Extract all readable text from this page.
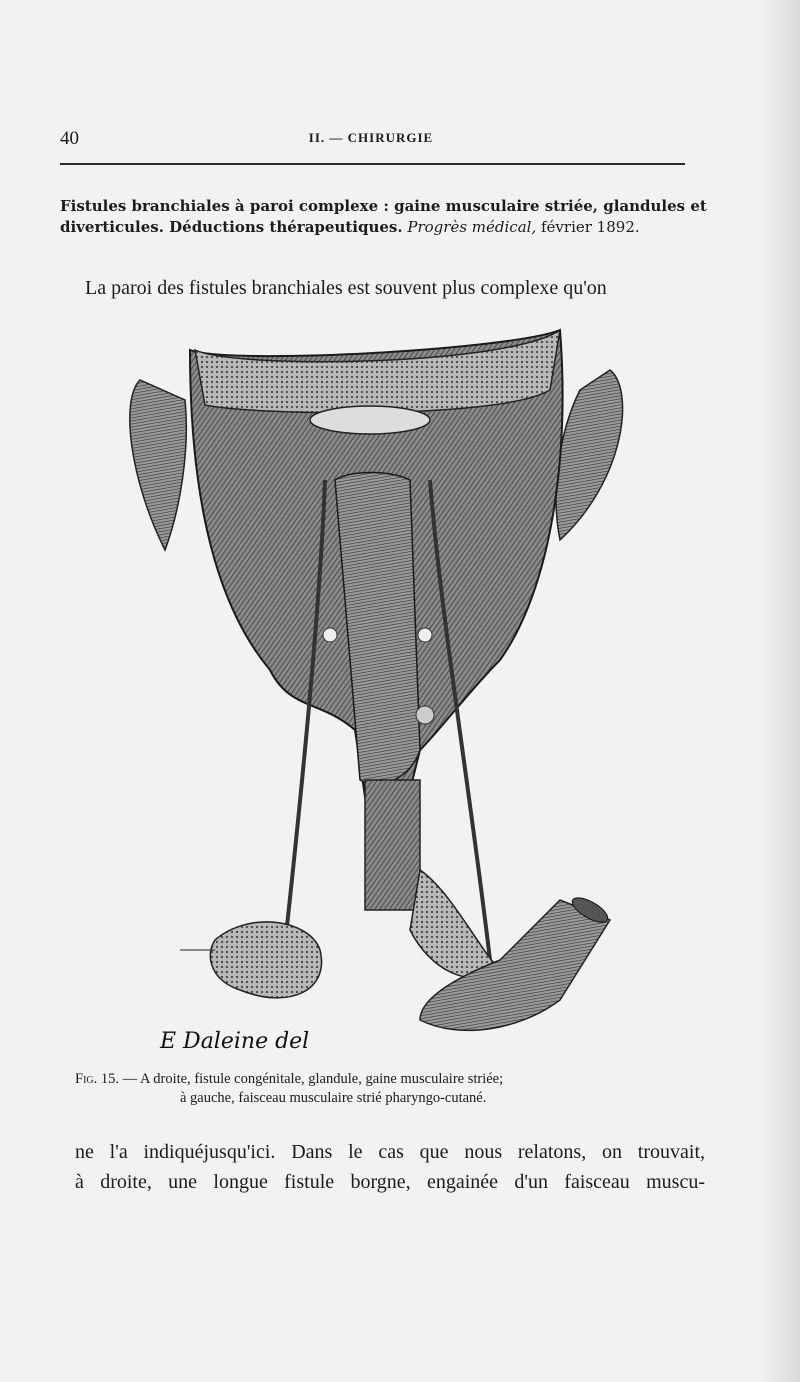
40	II. — CHIRURGIE
Fistules branchiales à paroi complexe : gaine musculaire striée, glandules et diverticules. Déductions thérapeutiques. Progrès médical, février 1892.
La paroi des fistules branchiales est souvent plus complexe qu'on
E Daleine del
Fig. 15. — A droite, fistule congénitale, glandule, gaine musculaire striée;
à gauche, faisceau musculaire strié pharyngo-cutané.
ne l'a indiquéjusqu'ici. Dans le cas que nous relatons, on trouvait,
à droite, une longue fistule borgne, engainée d'un faisceau muscu-
